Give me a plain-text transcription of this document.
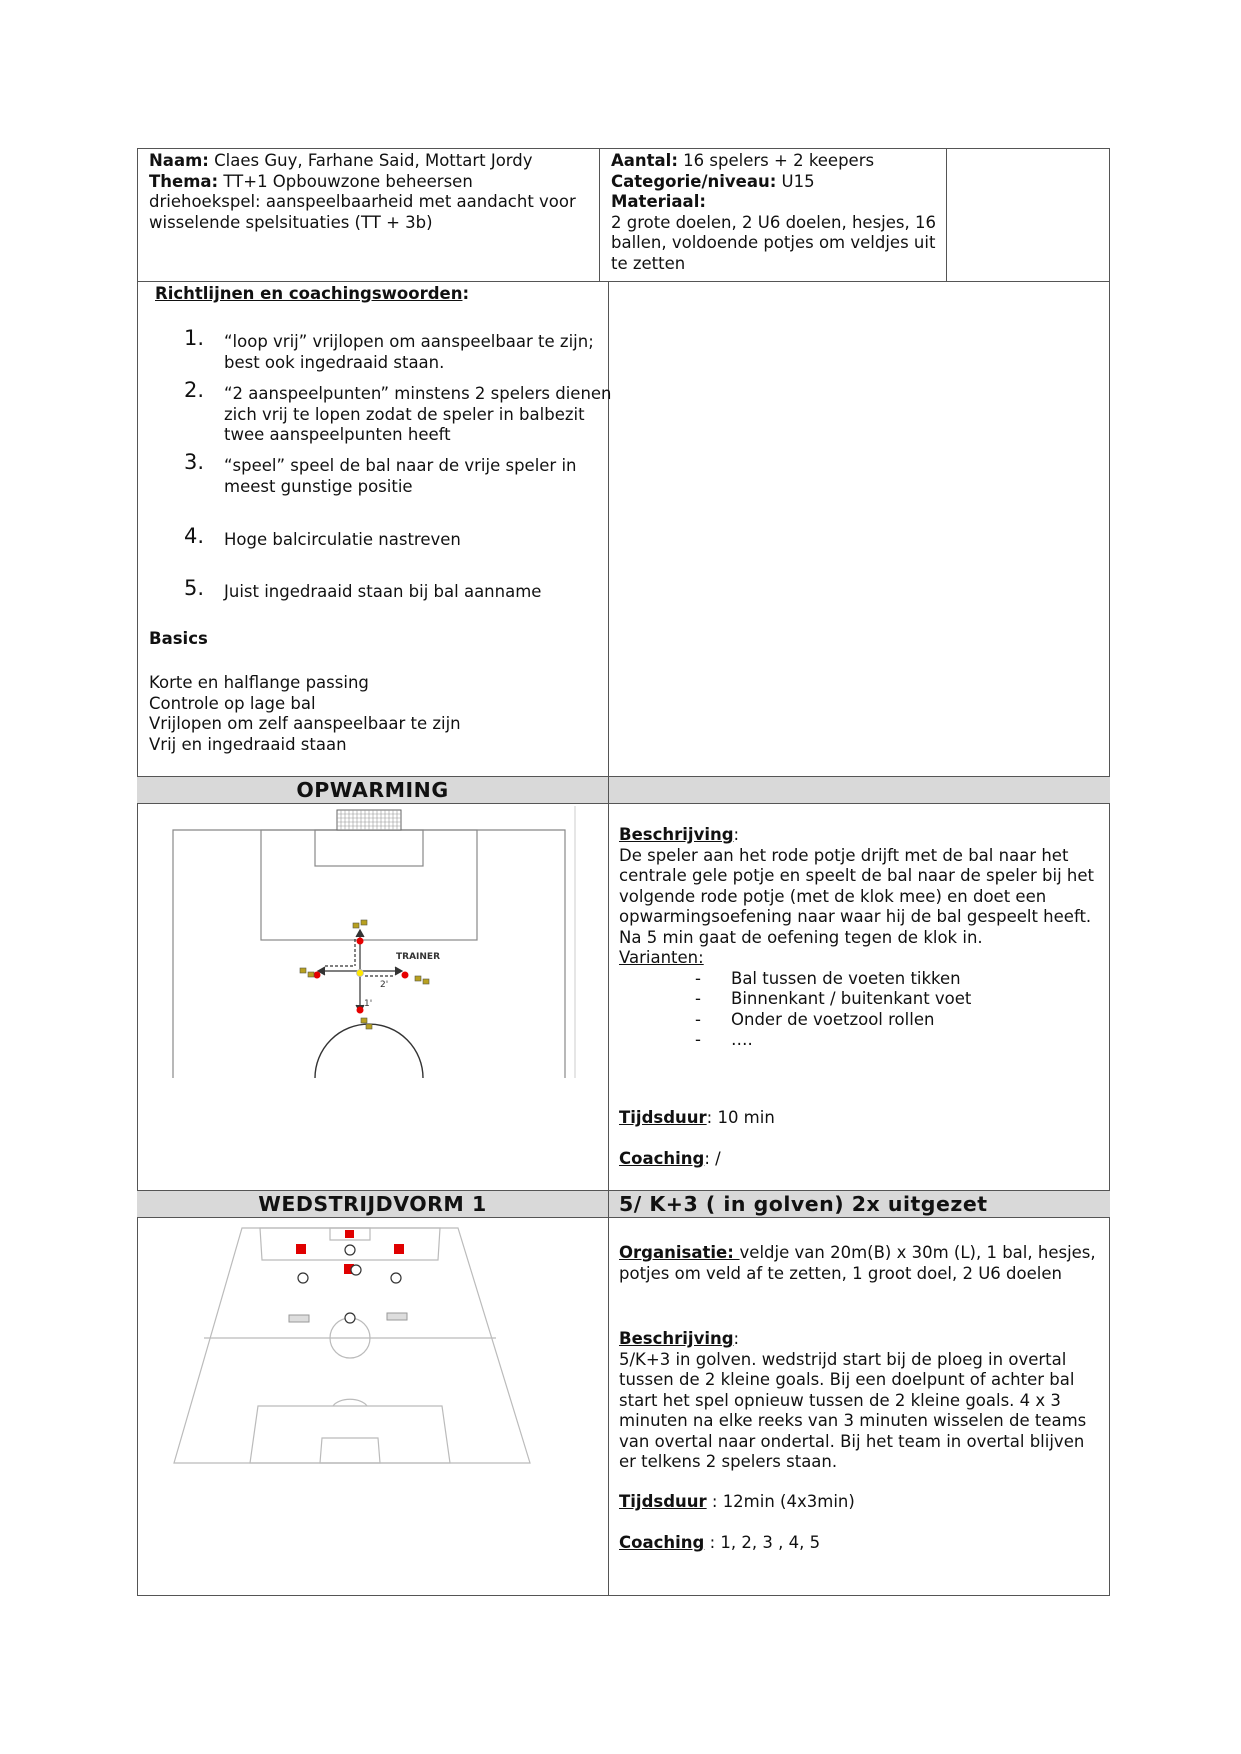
Naam: Claes Guy, Farhane Said, Mottart Jordy
Thema: TT+1 Opbouwzone beheersen driehoekspel: aanspeelbaarheid met aandacht voor wisselende spelsituaties (TT + 3b)
Aantal: 16 spelers + 2 keepers
Categorie/niveau: U15
Materiaal:
2 grote doelen, 2 U6 doelen, hesjes, 16 ballen, voldoende potjes om veldjes uit te zetten
Richtlijnen en coachingswoorden:
1. “loop vrij” vrijlopen om aanspeelbaar te zijn; best ook ingedraaid staan.
2. “2 aanspeelpunten” minstens 2 spelers dienen zich vrij te lopen zodat de speler in balbezit twee aanspeelpunten heeft
3. “speel” speel de bal naar de vrije speler in meest gunstige positie
4. Hoge balcirculatie nastreven
5. Juist ingedraaid staan bij bal aanname
Basics
Korte en halflange passing
Controle op lage bal
Vrijlopen om zelf aanspeelbaar te zijn
Vrij en ingedraaid staan
OPWARMING
TRAINER
2'
1'
Beschrijving:
De speler aan het rode potje drijft met de bal naar het centrale gele potje en speelt de bal naar de speler bij het volgende rode potje (met de klok mee) en doet een opwarmingsoefening naar waar hij de bal gespeelt heeft. Na 5 min gaat de oefening tegen de klok in.
Varianten:
- Bal tussen de voeten tikken
- Binnenkant / buitenkant voet
- Onder de voetzool rollen
- ….
Tijdsduur: 10 min
Coaching: /
WEDSTRIJDVORM 1	5/ K+3 ( in golven) 2x uitgezet
Organisatie: veldje van 20m(B) x 30m (L), 1 bal, hesjes, potjes om veld af te zetten, 1 groot doel, 2 U6 doelen
Beschrijving:
5/K+3 in golven. wedstrijd start bij de ploeg in overtal tussen de 2 kleine goals. Bij een doelpunt of achter bal start het spel opnieuw tussen de 2 kleine goals. 4 x 3 minuten na elke reeks van 3 minuten wisselen de teams van overtal naar ondertal. Bij het team in overtal blijven er telkens 2 spelers staan.
Tijdsduur : 12min (4x3min)
Coaching : 1, 2, 3 , 4, 5
